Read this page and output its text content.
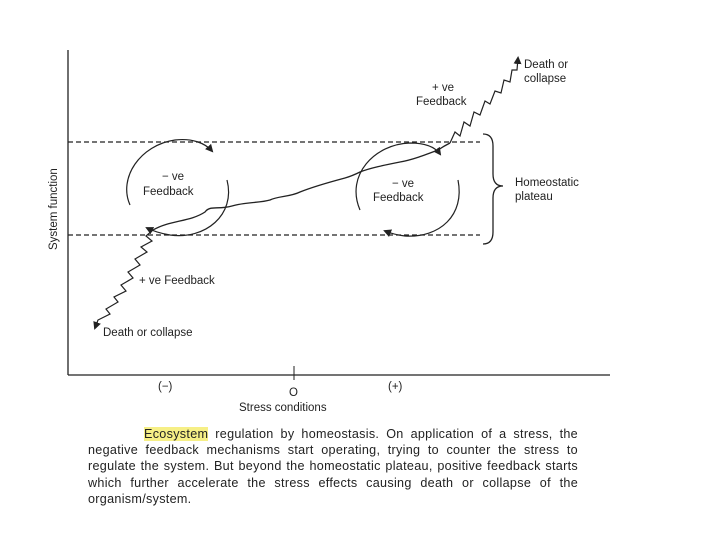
System function
Stress conditions
(−)	O	(+)
Death or
collapse
+ ve
Feedback
− ve
Feedback
− ve
Feedback
Homeostatic
plateau
+ ve Feedback
Death or collapse
Ecosystem regulation by homeostasis. On application of a stress, the negative feedback mechanisms start operating, trying to counter the stress to regulate the system. But beyond the homeostatic plateau, positive feedback starts which further accelerate the stress effects causing death or collapse of the organism/system.
